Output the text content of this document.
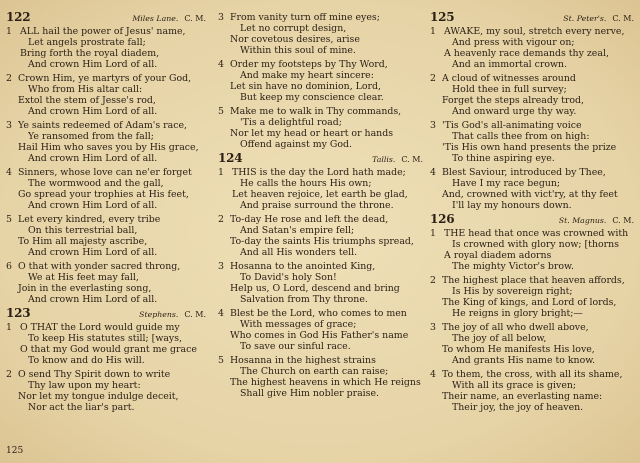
122	Miles Lane. C. M.
1 ALL hail the power of Jesus' name,
Let angels prostrate fall;
Bring forth the royal diadem,
And crown Him Lord of all.
2 Crown Him, ye martyrs of your God,
Who from His altar call:
Extol the stem of Jesse's rod,
And crown Him Lord of all.
3 Ye saints redeemed of Adam's race,
Ye ransomed from the fall;
Hail Him who saves you by His grace,
And crown Him Lord of all.
4 Sinners, whose love can ne'er forget
The wormwood and the gall,
Go spread your trophies at His feet,
And crown Him Lord of all.
5 Let every kindred, every tribe
On this terrestrial ball,
To Him all majesty ascribe,
And crown Him Lord of all.
6 O that with yonder sacred throng,
We at His feet may fall,
Join in the everlasting song,
And crown Him Lord of all.
123	Stephens. C. M.
1 O THAT the Lord would guide my
To keep His statutes still; [ways,
O that my God would grant me grace
To know and do His will.
2 O send Thy Spirit down to write
Thy law upon my heart:
Nor let my tongue indulge deceit,
Nor act the liar's part.
3 From vanity turn off mine eyes;
Let no corrupt design,
Nor covetous desires, arise
Within this soul of mine.
4 Order my footsteps by Thy Word,
And make my heart sincere:
Let sin have no dominion, Lord,
But keep my conscience clear.
5 Make me to walk in Thy commands,
'Tis a delightful road;
Nor let my head or heart or hands
Offend against my God.
124	Tallis. C. M.
1 THIS is the day the Lord hath made;
He calls the hours His own;
Let heaven rejoice, let earth be glad,
And praise surround the throne.
2 To-day He rose and left the dead,
And Satan's empire fell;
To-day the saints His triumphs spread,
And all His wonders tell.
3 Hosanna to the anointed King,
To David's holy Son!
Help us, O Lord, descend and bring
Salvation from Thy throne.
4 Blest be the Lord, who comes to men
With messages of grace;
Who comes in God His Father's name
To save our sinful race.
5 Hosanna in the highest strains
The Church on earth can raise;
The highest heavens in which He reigns
Shall give Him nobler praise.
125	St. Peter's. C. M.
1 AWAKE, my soul, stretch every nerve,
And press with vigour on;
A heavenly race demands thy zeal,
And an immortal crown.
2 A cloud of witnesses around
Hold thee in full survey;
Forget the steps already trod,
And onward urge thy way.
3 'Tis God's all-animating voice
That calls thee from on high:
'Tis His own hand presents the prize
To thine aspiring eye.
4 Blest Saviour, introduced by Thee,
Have I my race begun;
And, crowned with vict'ry, at thy feet
I'll lay my honours down.
126	St. Magnus. C. M.
1 THE head that once was crowned with
Is crowned with glory now; [thorns
A royal diadem adorns
The mighty Victor's brow.
2 The highest place that heaven affords,
Is His by sovereign right;
The King of kings, and Lord of lords,
He reigns in glory bright;—
3 The joy of all who dwell above,
The joy of all below,
To whom He manifests His love,
And grants His name to know.
4 To them, the cross, with all its shame,
With all its grace is given;
Their name, an everlasting name:
Their joy, the joy of heaven.
125
